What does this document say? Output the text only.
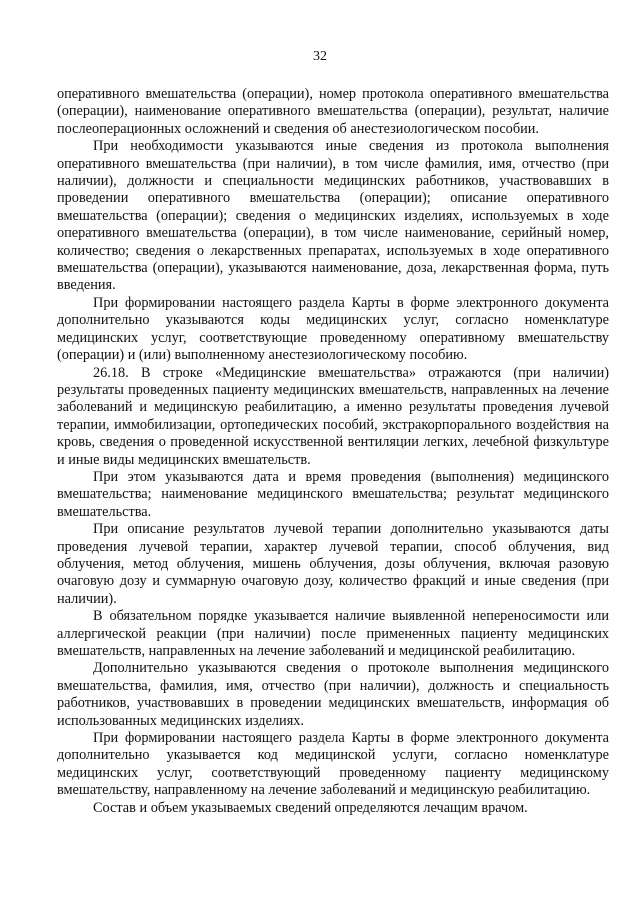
32

оперативного вмешательства (операции), номер протокола оперативного вмешательства (операции), наименование оперативного вмешательства (операции), результат, наличие послеоперационных осложнений и сведения об анестезиологическом пособии.

При необходимости указываются иные сведения из протокола выполнения оперативного вмешательства (при наличии), в том числе фамилия, имя, отчество (при наличии), должности и специальности медицинских работников, участвовавших в проведении оперативного вмешательства (операции); описание оперативного вмешательства (операции); сведения о медицинских изделиях, используемых в ходе оперативного вмешательства (операции), в том числе наименование, серийный номер, количество; сведения о лекарственных препаратах, используемых в ходе оперативного вмешательства (операции), указываются наименование, доза, лекарственная форма, путь введения.

При формировании настоящего раздела Карты в форме электронного документа дополнительно указываются коды медицинских услуг, согласно номенклатуре медицинских услуг, соответствующие проведенному оперативному вмешательству (операции) и (или) выполненному анестезиологическому пособию.

26.18. В строке «Медицинские вмешательства» отражаются (при наличии) результаты проведенных пациенту медицинских вмешательств, направленных на лечение заболеваний и медицинскую реабилитацию, а именно результаты проведения лучевой терапии, иммобилизации, ортопедических пособий, экстракорпорального воздействия на кровь, сведения о проведенной искусственной вентиляции легких, лечебной физкультуре и иные виды медицинских вмешательств.

При этом указываются дата и время проведения (выполнения) медицинского вмешательства; наименование медицинского вмешательства; результат медицинского вмешательства.

При описание результатов лучевой терапии дополнительно указываются даты проведения лучевой терапии, характер лучевой терапии, способ облучения, вид облучения, метод облучения, мишень облучения, дозы облучения, включая разовую очаговую дозу и суммарную очаговую дозу, количество фракций и иные сведения (при наличии).

В обязательном порядке указывается наличие выявленной непереносимости или аллергической реакции (при наличии) после примененных пациенту медицинских вмешательств, направленных на лечение заболеваний и медицинской реабилитацию.

Дополнительно указываются сведения о протоколе выполнения медицинского вмешательства, фамилия, имя, отчество (при наличии), должность и специальность работников, участвовавших в проведении медицинских вмешательств, информация об использованных медицинских изделиях.

При формировании настоящего раздела Карты в форме электронного документа дополнительно указывается код медицинской услуги, согласно номенклатуре медицинских услуг, соответствующий проведенному пациенту медицинскому вмешательству, направленному на лечение заболеваний и медицинскую реабилитацию.

Состав и объем указываемых сведений определяются лечащим врачом.
